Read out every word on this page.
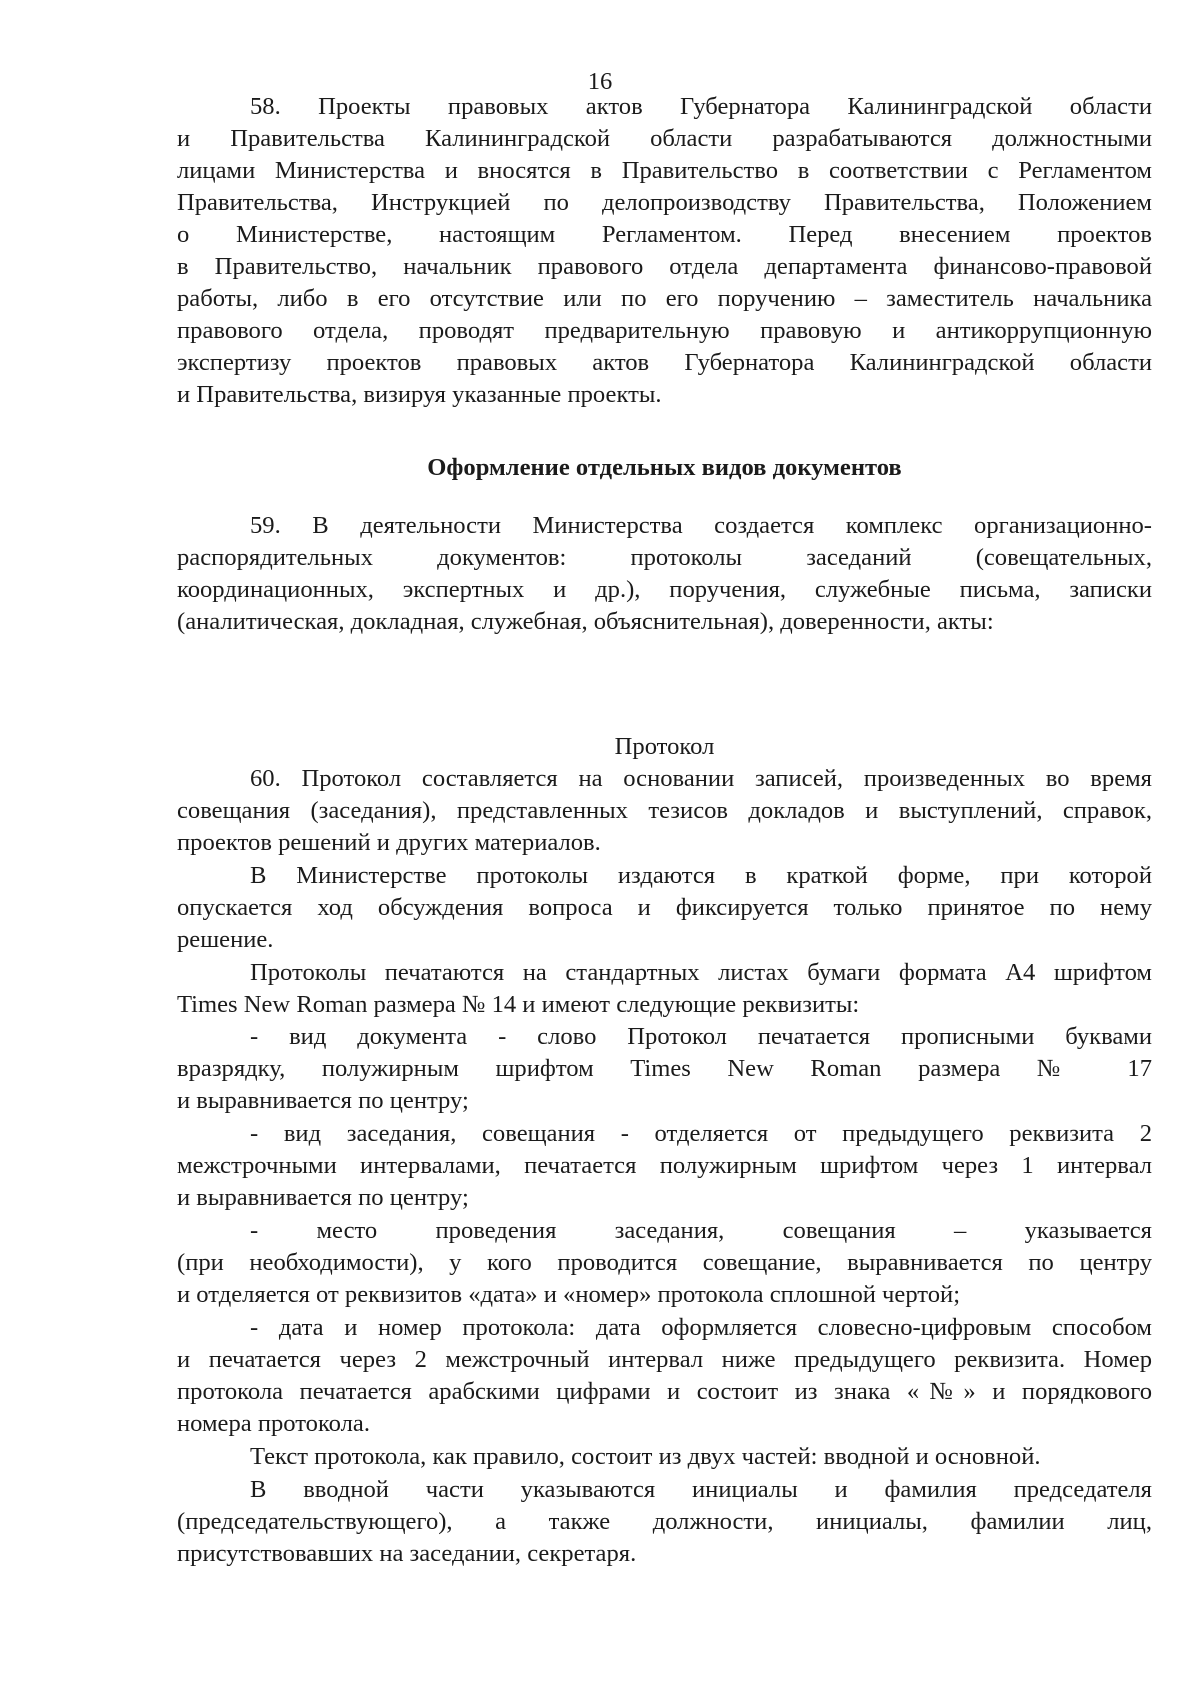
16
58. Проекты правовых актов Губернатора Калининградской области
и Правительства Калининградской области разрабатываются должностными
лицами Министерства и вносятся в Правительство в соответствии с Регламентом
Правительства, Инструкцией по делопроизводству Правительства, Положением
о Министерстве, настоящим Регламентом. Перед внесением проектов
в Правительство, начальник правового отдела департамента финансово-правовой
работы, либо в его отсутствие или по его поручению – заместитель начальника
правового отдела, проводят предварительную правовую и антикоррупционную
экспертизу проектов правовых актов Губернатора Калининградской области
и Правительства, визируя указанные проекты.
Оформление отдельных видов документов
59. В деятельности Министерства создается комплекс организационно-
распорядительных документов: протоколы заседаний (совещательных,
координационных, экспертных и др.), поручения, служебные письма, записки
(аналитическая, докладная, служебная, объяснительная), доверенности, акты:
Протокол
60. Протокол составляется на основании записей, произведенных во время
совещания (заседания), представленных тезисов докладов и выступлений, справок,
проектов решений и других материалов.
В Министерстве протоколы издаются в краткой форме, при которой
опускается ход обсуждения вопроса и фиксируется только принятое по нему
решение.
Протоколы печатаются на стандартных листах бумаги формата А4 шрифтом
Times New Roman размера № 14 и имеют следующие реквизиты:
- вид документа - слово Протокол печатается прописными буквами
вразрядку, полужирным шрифтом Times New Roman размера № 17
и выравнивается по центру;
- вид заседания, совещания - отделяется от предыдущего реквизита 2
межстрочными интервалами, печатается полужирным шрифтом через 1 интервал
и выравнивается по центру;
- место проведения заседания, совещания – указывается
(при необходимости), у кого проводится совещание, выравнивается по центру
и отделяется от реквизитов «дата» и «номер» протокола сплошной чертой;
- дата и номер протокола: дата оформляется словесно-цифровым способом
и печатается через 2 межстрочный интервал ниже предыдущего реквизита. Номер
протокола печатается арабскими цифрами и состоит из знака «№» и порядкового
номера протокола.
Текст протокола, как правило, состоит из двух частей: вводной и основной.
В вводной части указываются инициалы и фамилия председателя
(председательствующего), а также должности, инициалы, фамилии лиц,
присутствовавших на заседании, секретаря.
